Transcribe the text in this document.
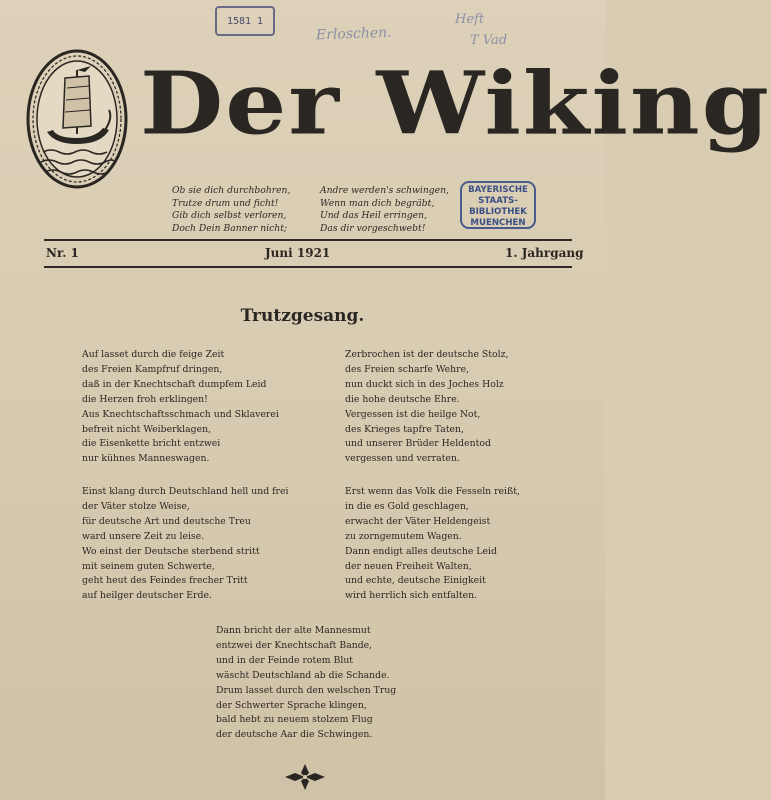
1581 1
Erloschen.
Heft
T Vad
Der Wiking
Ob sie dich durchbohren,
Trutze drum und ficht!
Gib dich selbst verloren,
Doch Dein Banner nicht;
Andre werden's schwingen,
Wenn man dich begräbt,
Und das Heil erringen,
Das dir vorgeschwebt!
BAYERISCHE
STAATS-
BIBLIOTHEK
MUENCHEN
Nr. 1	Juni 1921	1. Jahrgang
Trutzgesang.
Auf lasset durch die feige Zeit
des Freien Kampfruf dringen,
daß in der Knechtschaft dumpfem Leid
die Herzen froh erklingen!
Aus Knechtschaftsschmach und Sklaverei
befreit nicht Weiberklagen,
die Eisenkette bricht entzwei
nur kühnes Manneswagen.
Zerbrochen ist der deutsche Stolz,
des Freien scharfe Wehre,
nun duckt sich in des Joches Holz
die hohe deutsche Ehre.
Vergessen ist die heilge Not,
des Krieges tapfre Taten,
und unserer Brüder Heldentod
vergessen und verraten.
Einst klang durch Deutschland hell und frei
der Väter stolze Weise,
für deutsche Art und deutsche Treu
ward unsere Zeit zu leise.
Wo einst der Deutsche sterbend stritt
mit seinem guten Schwerte,
geht heut des Feindes frecher Tritt
auf heilger deutscher Erde.
Erst wenn das Volk die Fesseln reißt,
in die es Gold geschlagen,
erwacht der Väter Heldengeist
zu zorngemutem Wagen.
Dann endigt alles deutsche Leid
der neuen Freiheit Walten,
und echte, deutsche Einigkeit
wird herrlich sich entfalten.
Dann bricht der alte Mannesmut
entzwei der Knechtschaft Bande,
und in der Feinde rotem Blut
wäscht Deutschland ab die Schande.
Drum lasset durch den welschen Trug
der Schwerter Sprache klingen,
bald hebt zu neuem stolzem Flug
der deutsche Aar die Schwingen.
